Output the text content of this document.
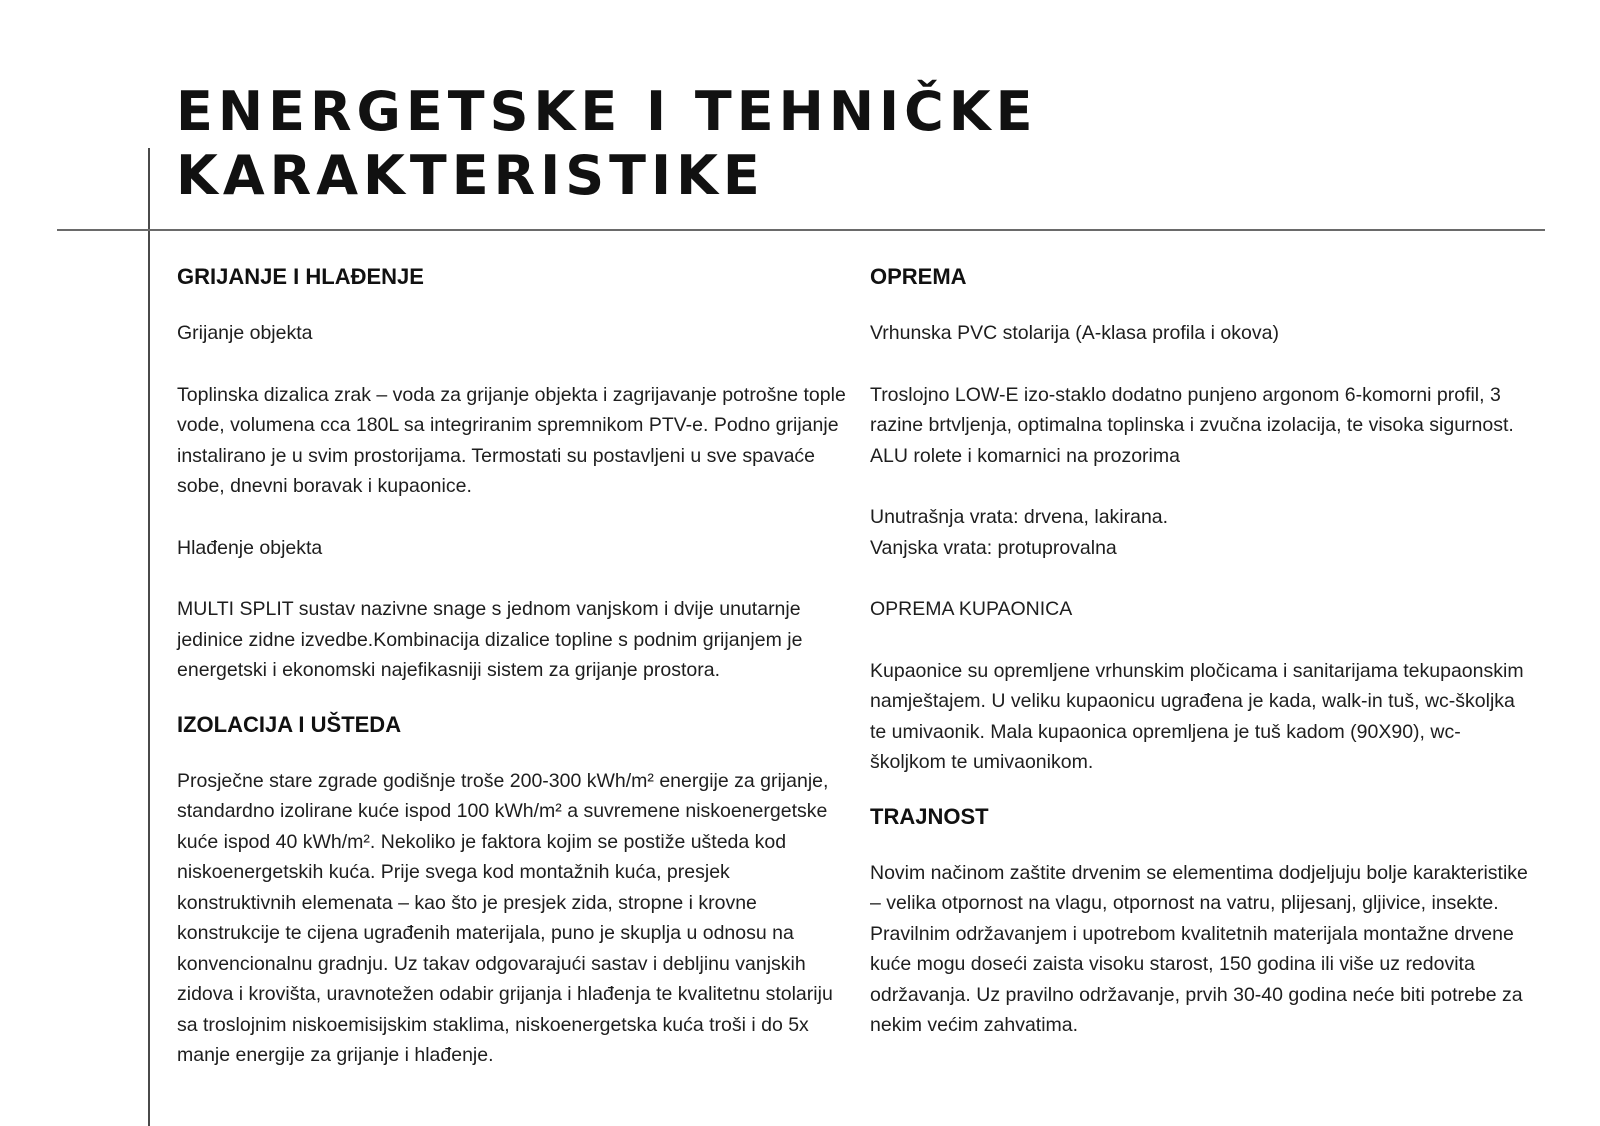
ENERGETSKE I TEHNIČKE
KARAKTERISTIKE
GRIJANJE I HLAĐENJE

Grijanje objekta

Toplinska dizalica zrak – voda za grijanje objekta i zagrijavanje potrošne tople vode, volumena cca 180L sa integriranim spremnikom PTV-e. Podno grijanje instalirano je u svim prostorijama. Termostati su postavljeni u sve spavaće sobe, dnevni boravak i kupaonice.

Hlađenje objekta

MULTI SPLIT sustav nazivne snage s jednom vanjskom i dvije unutarnje jedinice zidne izvedbe.Kombinacija dizalice topline s podnim grijanjem je energetski i ekonomski najefikasniji sistem za grijanje prostora.

IZOLACIJA I UŠTEDA

Prosječne stare zgrade godišnje troše 200-300 kWh/m² energije za grijanje, standardno izolirane kuće ispod 100 kWh/m² a suvremene niskoenergetske kuće ispod 40 kWh/m². Nekoliko je faktora kojim se postiže ušteda kod niskoenergetskih kuća. Prije svega kod montažnih kuća, presjek konstruktivnih elemenata – kao što je presjek zida, stropne i krovne konstrukcije te cijena ugrađenih materijala, puno je skuplja u odnosu na konvencionalnu gradnju. Uz takav odgovarajući sastav i debljinu vanjskih zidova i krovišta, uravnotežen odabir grijanja i hlađenja te kvalitetnu stolariju sa troslojnim niskoemisijskim staklima, niskoenergetska kuća troši i do 5x manje energije za grijanje i hlađenje.

OPREMA

Vrhunska PVC stolarija (A-klasa profila i okova)

Troslojno LOW-E izo-staklo dodatno punjeno argonom 6-komorni profil, 3 razine brtvljenja, optimalna toplinska i zvučna izolacija, te visoka sigurnost. ALU rolete i komarnici na prozorima

Unutrašnja vrata: drvena, lakirana.

Vanjska vrata: protuprovalna

OPREMA KUPAONICA

Kupaonice su opremljene vrhunskim pločicama i sanitarijama tekupaonskim namještajem. U veliku kupaonicu ugrađena je kada, walk-in tuš, wc-školjka te umivaonik. Mala kupaonica opremljena je tuš kadom (90X90), wc-školjkom te umivaonikom.

TRAJNOST

Novim načinom zaštite drvenim se elementima dodjeljuju bolje karakteristike – velika otpornost na vlagu, otpornost na vatru, plijesanj, gljivice, insekte. Pravilnim održavanjem i upotrebom kvalitetnih materijala montažne drvene kuće mogu doseći zaista visoku starost, 150 godina ili više uz redovita održavanja. Uz pravilno održavanje, prvih 30-40 godina neće biti potrebe za nekim većim zahvatima.
